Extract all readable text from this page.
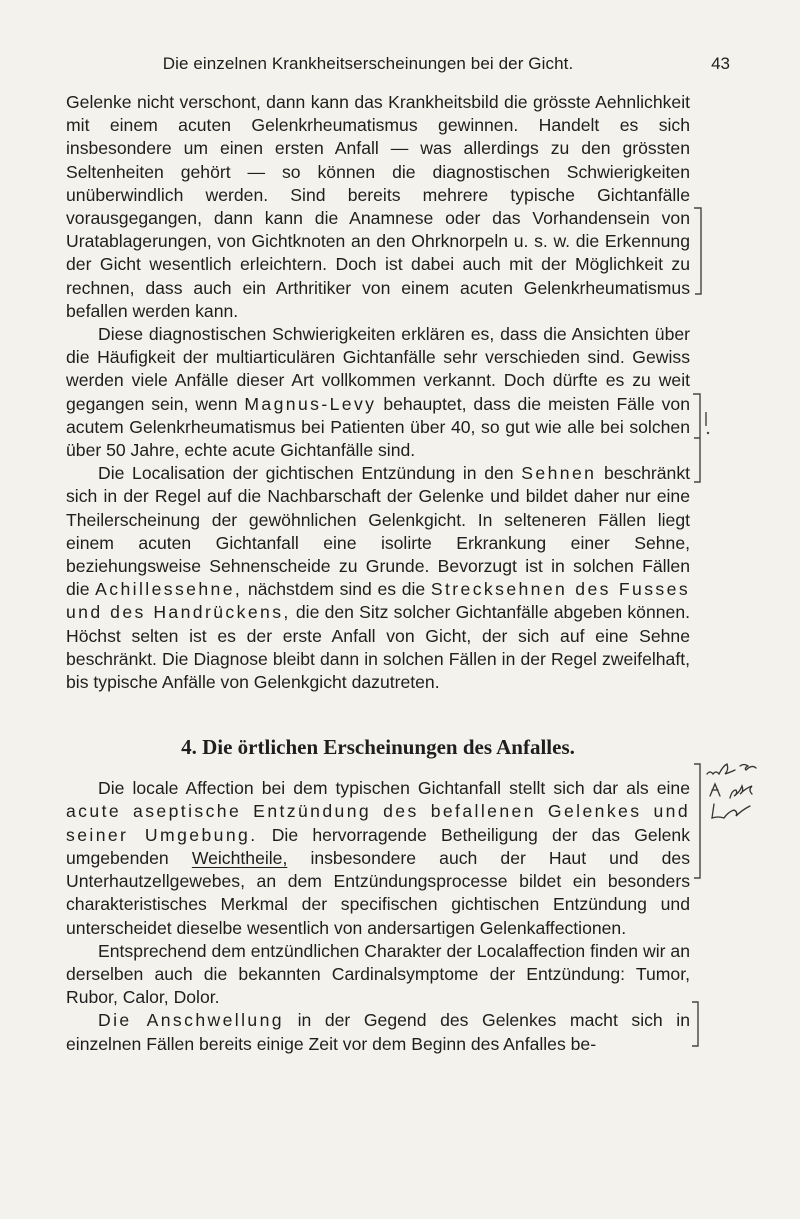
Die einzelnen Krankheitserscheinungen bei der Gicht.	43

Gelenke nicht verschont, dann kann das Krankheitsbild die grösste Aehnlichkeit mit einem acuten Gelenkrheumatismus gewinnen. Handelt es sich insbesondere um einen ersten Anfall — was allerdings zu den grössten Seltenheiten gehört — so können die diagnostischen Schwierigkeiten unüberwindlich werden. Sind bereits mehrere typische Gichtanfälle vorausgegangen, dann kann die Anamnese oder das Vorhandensein von Uratablagerungen, von Gichtknoten an den Ohrknorpeln u. s. w. die Erkennung der Gicht wesentlich erleichtern. Doch ist dabei auch mit der Möglichkeit zu rechnen, dass auch ein Arthritiker von einem acuten Gelenkrheumatismus befallen werden kann.

Diese diagnostischen Schwierigkeiten erklären es, dass die Ansichten über die Häufigkeit der multiarticulären Gichtanfälle sehr verschieden sind. Gewiss werden viele Anfälle dieser Art vollkommen verkannt. Doch dürfte es zu weit gegangen sein, wenn Magnus-Levy behauptet, dass die meisten Fälle von acutem Gelenkrheumatismus bei Patienten über 40, so gut wie alle bei solchen über 50 Jahre, echte acute Gichtanfälle sind.

Die Localisation der gichtischen Entzündung in den Sehnen beschränkt sich in der Regel auf die Nachbarschaft der Gelenke und bildet daher nur eine Theilerscheinung der gewöhnlichen Gelenkgicht. In selteneren Fällen liegt einem acuten Gichtanfall eine isolirte Erkrankung einer Sehne, beziehungsweise Sehnenscheide zu Grunde. Bevorzugt ist in solchen Fällen die Achillessehne, nächstdem sind es die Strecksehnen des Fusses und des Handrückens, die den Sitz solcher Gichtanfälle abgeben können. Höchst selten ist es der erste Anfall von Gicht, der sich auf eine Sehne beschränkt. Die Diagnose bleibt dann in solchen Fällen in der Regel zweifelhaft, bis typische Anfälle von Gelenkgicht dazutreten.

4. Die örtlichen Erscheinungen des Anfalles.

Die locale Affection bei dem typischen Gichtanfall stellt sich dar als eine acute aseptische Entzündung des befallenen Gelenkes und seiner Umgebung. Die hervorragende Betheiligung der das Gelenk umgebenden Weichtheile, insbesondere auch der Haut und des Unterhautzellgewebes, an dem Entzündungsprocesse bildet ein besonders charakteristisches Merkmal der specifischen gichtischen Entzündung und unterscheidet dieselbe wesentlich von andersartigen Gelenkaffectionen.

Entsprechend dem entzündlichen Charakter der Localaffection finden wir an derselben auch die bekannten Cardinalsymptome der Entzündung: Tumor, Rubor, Calor, Dolor.

Die Anschwellung in der Gegend des Gelenkes macht sich in einzelnen Fällen bereits einige Zeit vor dem Beginn des Anfalles be-
